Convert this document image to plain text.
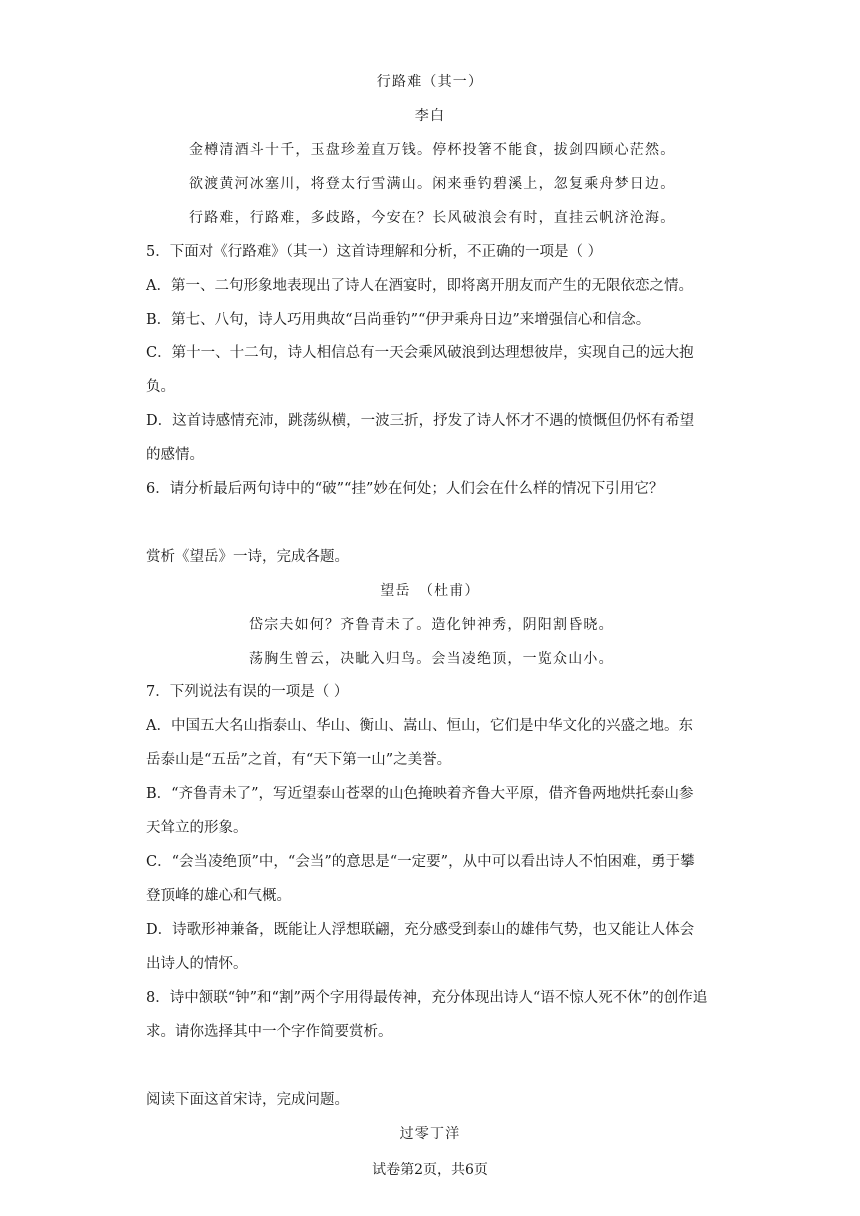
行路难（其一）
李白
金樽清酒斗十千，玉盘珍羞直万钱。停杯投箸不能食，拔剑四顾心茫然。
欲渡黄河冰塞川，将登太行雪满山。闲来垂钓碧溪上，忽复乘舟梦日边。
行路难，行路难，多歧路，今安在？长风破浪会有时，直挂云帆济沧海。
5．下面对《行路难》（其一）这首诗理解和分析，不正确的一项是（ ）
A．第一、二句形象地表现出了诗人在酒宴时，即将离开朋友而产生的无限依恋之情。
B．第七、八句，诗人巧用典故“吕尚垂钓”“伊尹乘舟日边”来增强信心和信念。
C．第十一、十二句，诗人相信总有一天会乘风破浪到达理想彼岸，实现自己的远大抱
负。
D．这首诗感情充沛，跳荡纵横，一波三折，抒发了诗人怀才不遇的愤慨但仍怀有希望
的感情。
6．请分析最后两句诗中的“破”“挂”妙在何处；人们会在什么样的情况下引用它？
赏析《望岳》一诗，完成各题。
望岳　（杜甫）
岱宗夫如何？齐鲁青未了。造化钟神秀，阴阳割昏晓。
荡胸生曾云，决眦入归鸟。会当凌绝顶，一览众山小。
7．下列说法有误的一项是（ ）
A．中国五大名山指泰山、华山、衡山、嵩山、恒山，它们是中华文化的兴盛之地。东
岳泰山是“五岳”之首，有“天下第一山”之美誉。
B．“齐鲁青未了”，写近望泰山苍翠的山色掩映着齐鲁大平原，借齐鲁两地烘托泰山参
天耸立的形象。
C．“会当凌绝顶”中，“会当”的意思是“一定要”，从中可以看出诗人不怕困难，勇于攀
登顶峰的雄心和气概。
D．诗歌形神兼备，既能让人浮想联翩，充分感受到泰山的雄伟气势，也又能让人体会
出诗人的情怀。
8．诗中颔联“钟”和“割”两个字用得最传神，充分体现出诗人“语不惊人死不休”的创作追
求。请你选择其中一个字作简要赏析。
阅读下面这首宋诗，完成问题。
过零丁洋
试卷第2页，共6页
